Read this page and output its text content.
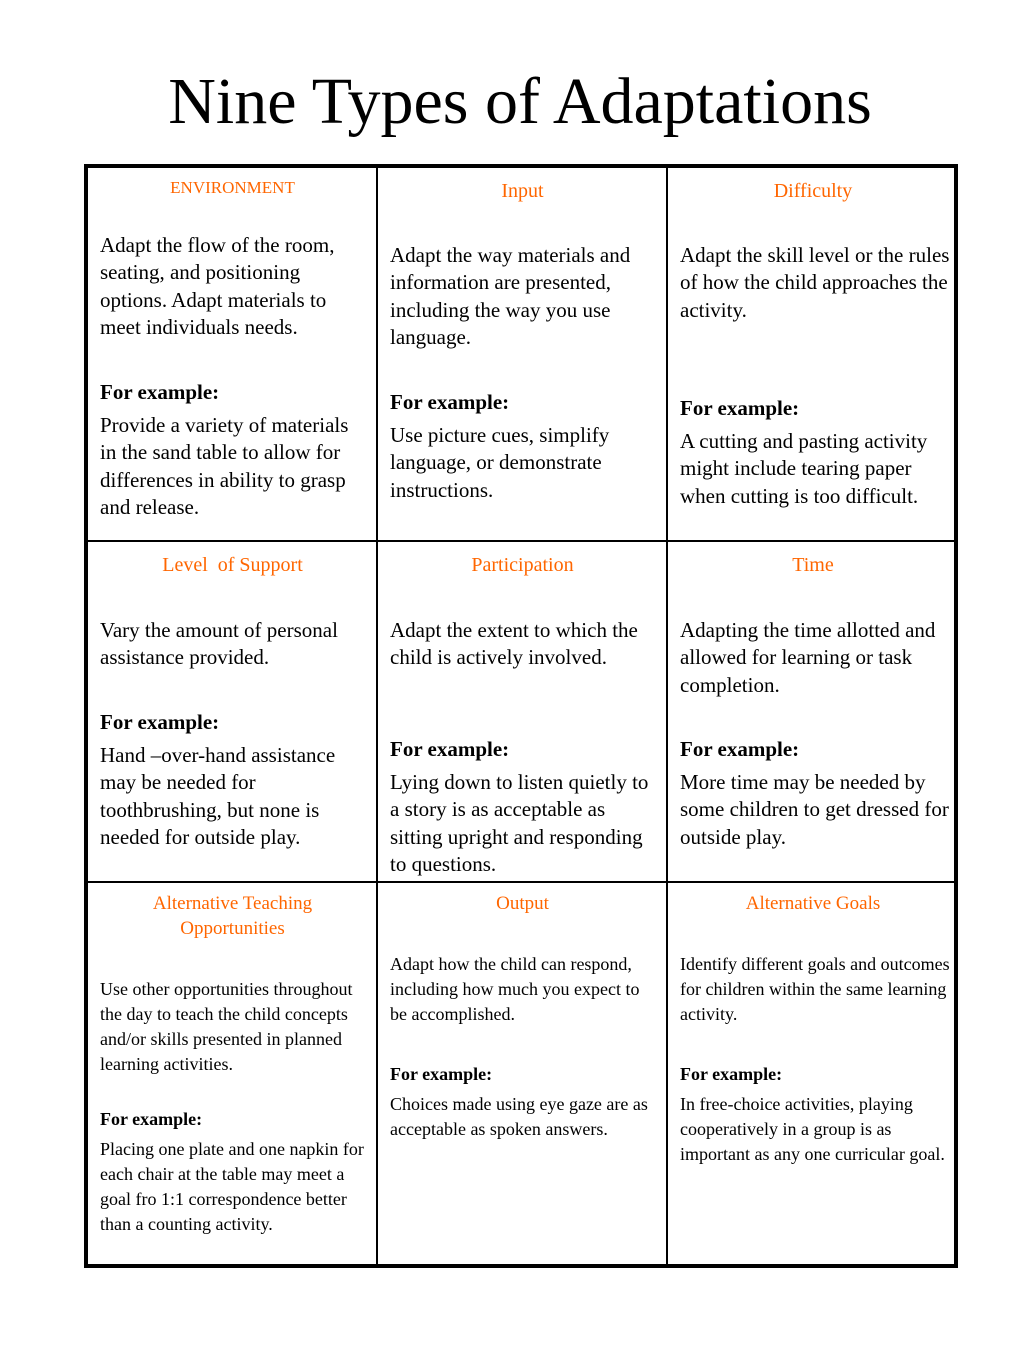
Nine Types of Adaptations
ENVIRONMENT
Adapt the flow of the room, seating, and positioning options. Adapt materials to meet individuals needs.
For example:
Provide a variety of materials in the sand table to allow for differences in ability to grasp and release.
Input
Adapt the way materials and information are presented, including the way you use language.
For example:
Use picture cues, simplify language, or demonstrate instructions.
Difficulty
Adapt the skill level or the rules of how the child approaches the activity.
For example:
A cutting and pasting activity might include tearing paper when cutting is too difficult.
Level  of Support
Vary the amount of personal assistance provided.
For example:
Hand –over-hand assistance may be needed for toothbrushing, but none is needed for outside play.
Participation
Adapt the extent to which the child is actively involved.
For example:
Lying down to listen quietly to a story is as acceptable as sitting upright and responding to questions.
Time
Adapting the time allotted and allowed for learning or task completion.
For example:
More time may be needed by some children to get dressed for outside play.
Alternative Teaching Opportunities
Use other opportunities throughout the day to teach the child concepts and/or skills presented in planned learning activities.
For example:
Placing one plate and one napkin for each chair at the table may meet a goal fro 1:1 correspondence better than a counting activity.
Output
Adapt how the child can respond, including how much you expect to be accomplished.
For example:
Choices made using eye gaze are as acceptable as spoken answers.
Alternative Goals
Identify different goals and outcomes for children within the same learning activity.
For example:
In free-choice activities, playing cooperatively in a group is as important as any one curricular goal.
